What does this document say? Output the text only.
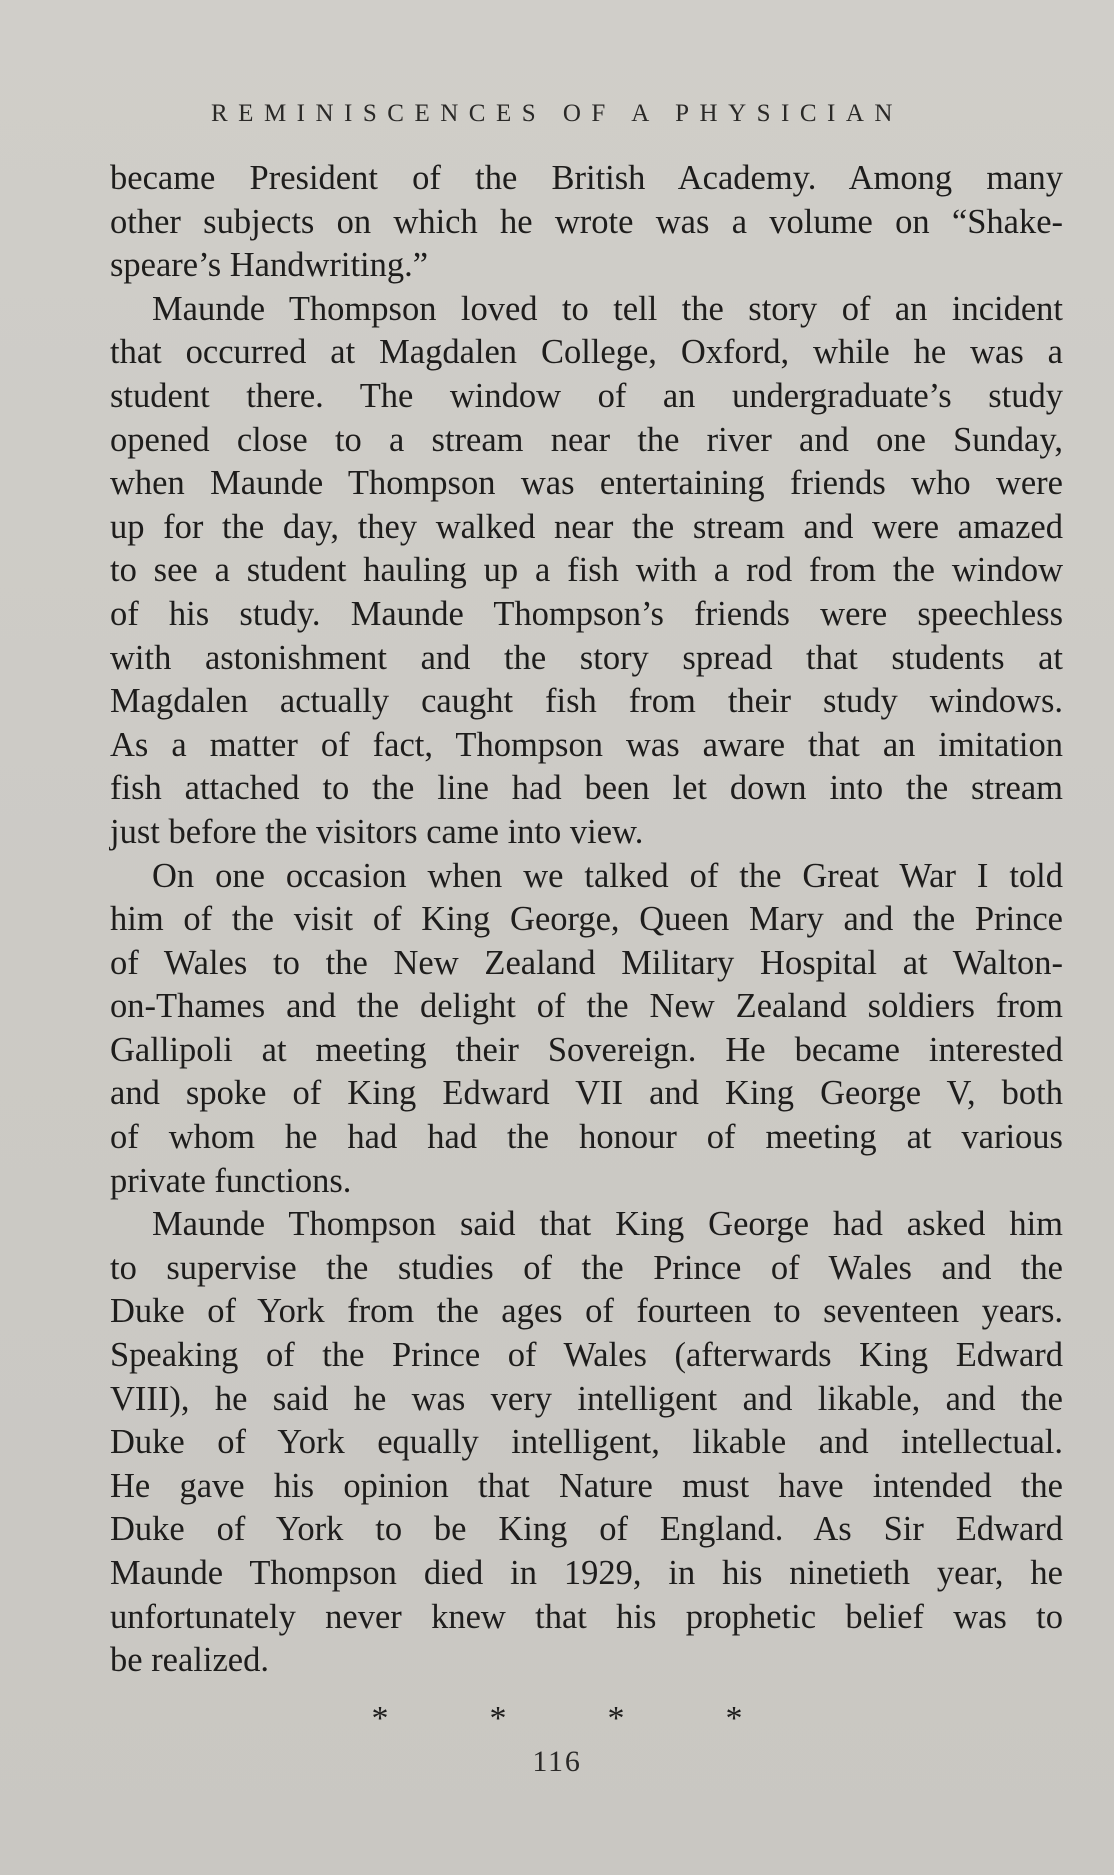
REMINISCENCES OF A PHYSICIAN

became President of the British Academy. Among many
other subjects on which he wrote was a volume on “Shake-
speare’s Handwriting.”

Maunde Thompson loved to tell the story of an incident
that occurred at Magdalen College, Oxford, while he was a
student there. The window of an undergraduate’s study
opened close to a stream near the river and one Sunday,
when Maunde Thompson was entertaining friends who were
up for the day, they walked near the stream and were amazed
to see a student hauling up a fish with a rod from the window
of his study. Maunde Thompson’s friends were speechless
with astonishment and the story spread that students at
Magdalen actually caught fish from their study windows.
As a matter of fact, Thompson was aware that an imitation
fish attached to the line had been let down into the stream
just before the visitors came into view.

On one occasion when we talked of the Great War I told
him of the visit of King George, Queen Mary and the Prince
of Wales to the New Zealand Military Hospital at Walton-
on-Thames and the delight of the New Zealand soldiers from
Gallipoli at meeting their Sovereign. He became interested
and spoke of King Edward VII and King George V, both
of whom he had had the honour of meeting at various
private functions.

Maunde Thompson said that King George had asked him
to supervise the studies of the Prince of Wales and the
Duke of York from the ages of fourteen to seventeen years.
Speaking of the Prince of Wales (afterwards King Edward
VIII), he said he was very intelligent and likable, and the
Duke of York equally intelligent, likable and intellectual.
He gave his opinion that Nature must have intended the
Duke of York to be King of England. As Sir Edward
Maunde Thompson died in 1929, in his ninetieth year, he
unfortunately never knew that his prophetic belief was to
be realized.

*	*	*	*
116
